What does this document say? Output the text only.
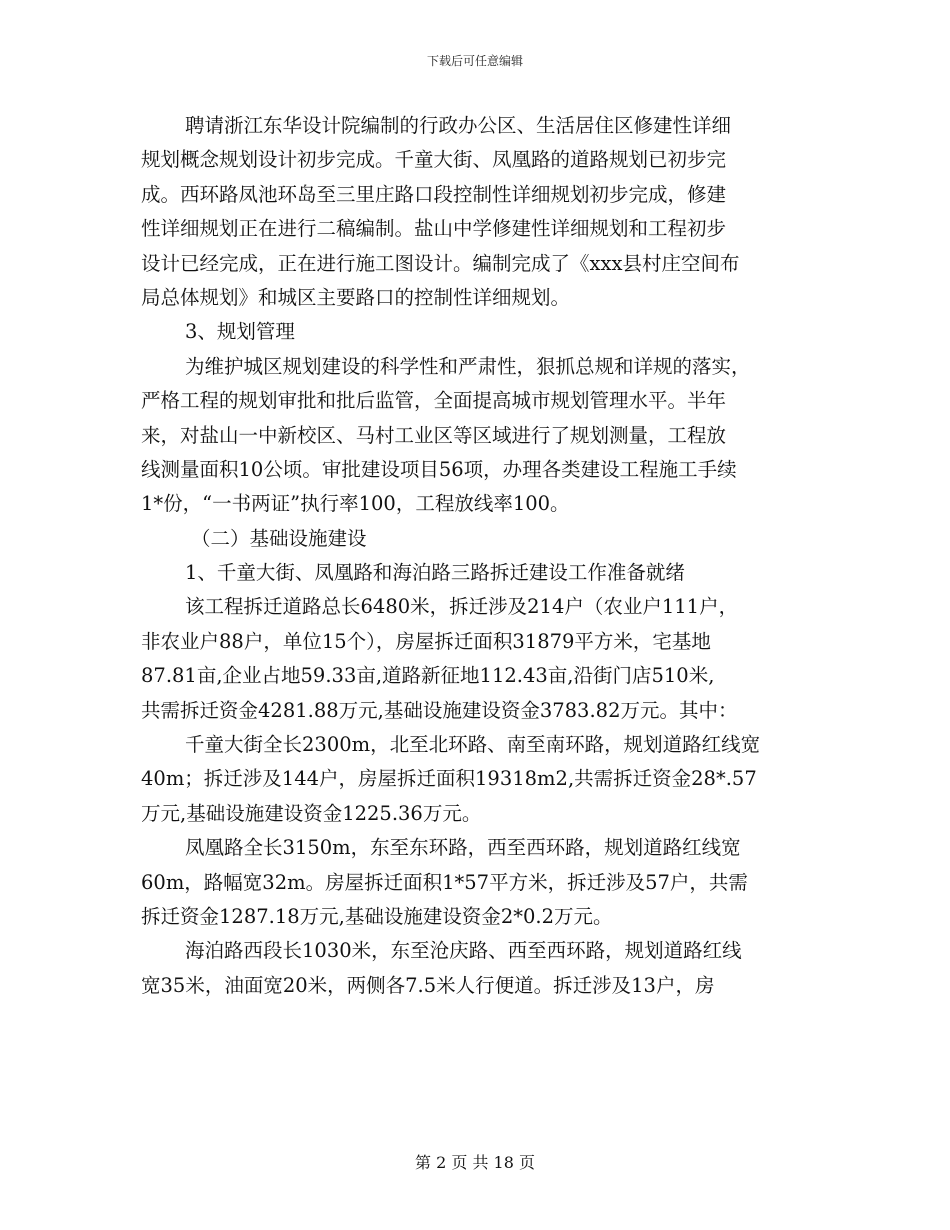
下载后可任意编辑
聘请浙江东华设计院编制的行政办公区、生活居住区修建性详细
规划概念规划设计初步完成。千童大街、凤凰路的道路规划已初步完
成。西环路凤池环岛至三里庄路口段控制性详细规划初步完成，修建
性详细规划正在进行二稿编制。盐山中学修建性详细规划和工程初步
设计已经完成，正在进行施工图设计。编制完成了《xxx县村庄空间布
局总体规划》和城区主要路口的控制性详细规划。
3、规划管理
为维护城区规划建设的科学性和严肃性，狠抓总规和详规的落实，
严格工程的规划审批和批后监管，全面提高城市规划管理水平。半年
来，对盐山一中新校区、马村工业区等区域进行了规划测量，工程放
线测量面积10公顷。审批建设项目56项，办理各类建设工程施工手续
1*份，“一书两证”执行率100，工程放线率100。
（二）基础设施建设
1、千童大街、凤凰路和海泊路三路拆迁建设工作准备就绪
该工程拆迁道路总长6480米，拆迁涉及214户（农业户111户，
非农业户88户，单位15个），房屋拆迁面积31879平方米，宅基地
87.81亩,企业占地59.33亩,道路新征地112.43亩,沿街门店510米,
共需拆迁资金4281.88万元,基础设施建设资金3783.82万元。其中：
千童大街全长2300m，北至北环路、南至南环路，规划道路红线宽
40m；拆迁涉及144户，房屋拆迁面积19318m2,共需拆迁资金28*.57
万元,基础设施建设资金1225.36万元。
凤凰路全长3150m，东至东环路，西至西环路，规划道路红线宽
60m，路幅宽32m。房屋拆迁面积1*57平方米，拆迁涉及57户，共需
拆迁资金1287.18万元,基础设施建设资金2*0.2万元。
海泊路西段长1030米，东至沧庆路、西至西环路，规划道路红线
宽35米，油面宽20米，两侧各7.5米人行便道。拆迁涉及13户，房
第 2 页 共 18 页
